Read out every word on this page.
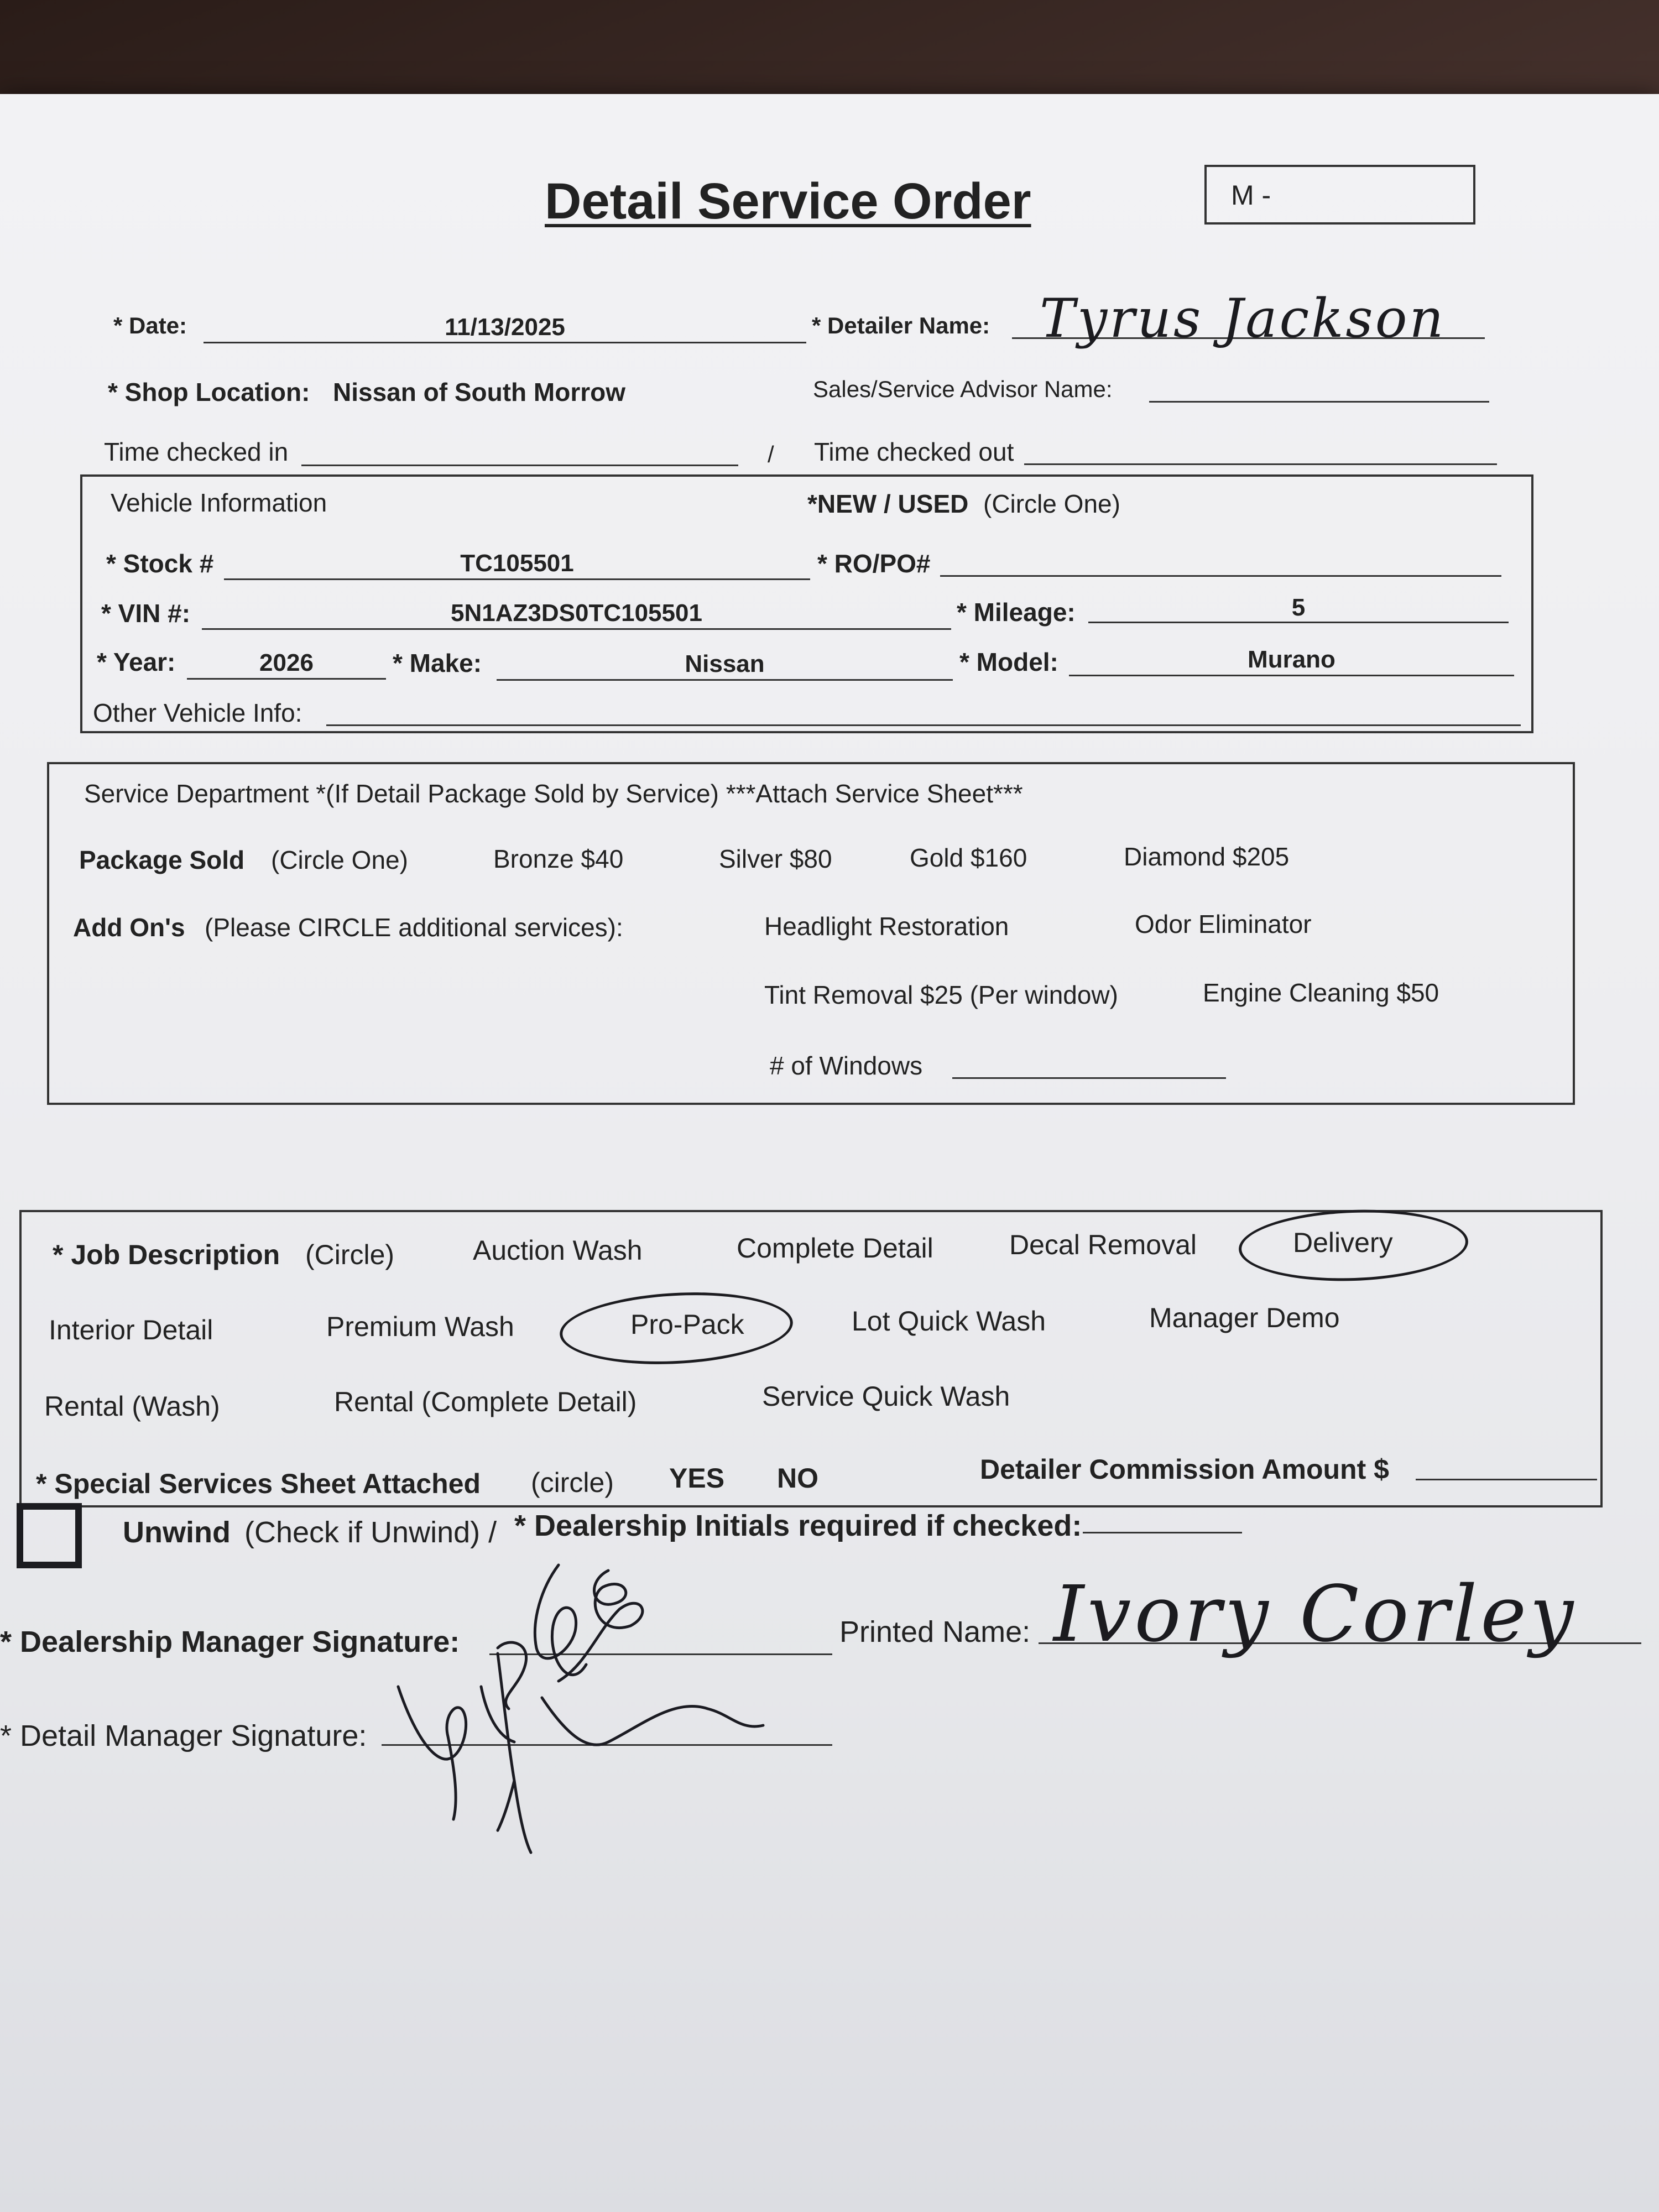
Detail Service Order	M -
* Date:	11/13/2025	* Detailer Name: Tyrus Jackson
* Shop Location: Nissan of South Morrow	Sales/Service Advisor Name:
Time checked in	/ Time checked out
Vehicle Information	*NEW / USED (Circle One)
* Stock #	TC105501	* RO/PO#
* VIN #:	5N1AZ3DS0TC105501	* Mileage:	5
* Year:	2026	* Make:	Nissan	* Model:	Murano
Other Vehicle Info:
Service Department *(If Detail Package Sold by Service) ***Attach Service Sheet***
Package Sold (Circle One)	Bronze $40	Silver $80	Gold $160	Diamond $205
Add On's (Please CIRCLE additional services):	Headlight Restoration	Odor Eliminator
Tint Removal $25 (Per window)	Engine Cleaning $50
# of Windows
* Job Description (Circle)	Auction Wash	Complete Detail	Decal Removal	Delivery
Interior Detail	Premium Wash	Pro-Pack	Lot Quick Wash	Manager Demo
Rental (Wash)	Rental (Complete Detail)	Service Quick Wash
* Special Services Sheet Attached (circle) YES NO	Detailer Commission Amount $
Unwind (Check if Unwind) / * Dealership Initials required if checked:
* Dealership Manager Signature:	Printed Name: Ivory Corley
* Detail Manager Signature:
